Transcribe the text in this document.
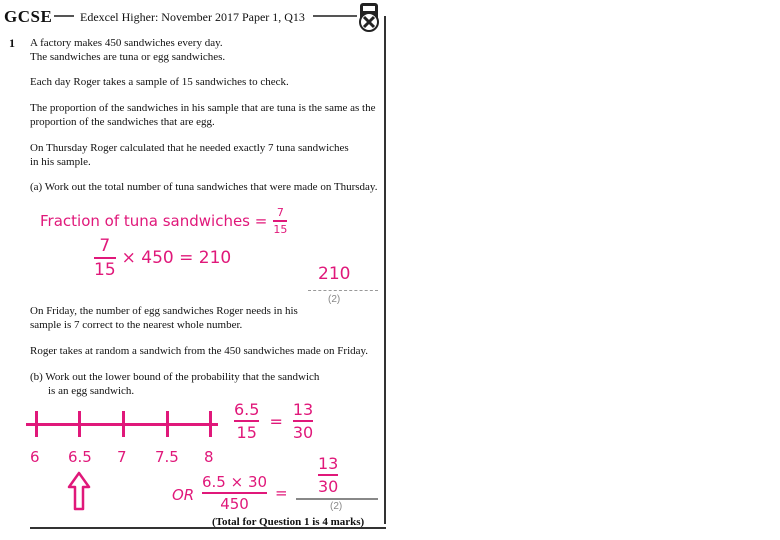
GCSE Edexcel Higher: November 2017 Paper 1, Q13
1 A factory makes 450 sandwiches every day.
The sandwiches are tuna or egg sandwiches.
Each day Roger takes a sample of 15 sandwiches to check.
The proportion of the sandwiches in his sample that are tuna is the same as the
proportion of the sandwiches that are egg.
On Thursday Roger calculated that he needed exactly 7 tuna sandwiches
in his sample.
(a) Work out the total number of tuna sandwiches that were made on Thursday.
Fraction of tuna sandwiches = $\frac{7}{15}$
$\frac{7}{15} \times 450 = 210$
210
(2)
On Friday, the number of egg sandwiches Roger needs in his
sample is 7 correct to the nearest whole number.
Roger takes at random a sandwich from the 450 sandwiches made on Friday.
(b) Work out the lower bound of the probability that the sandwich
is an egg sandwich.
6 6.5 7 7.5 8
$\frac{6.5}{15} = \frac{13}{30}$
OR $\frac{6.5 \times 30}{450} = \frac{13}{30}$
(2)
(Total for Question 1 is 4 marks)
